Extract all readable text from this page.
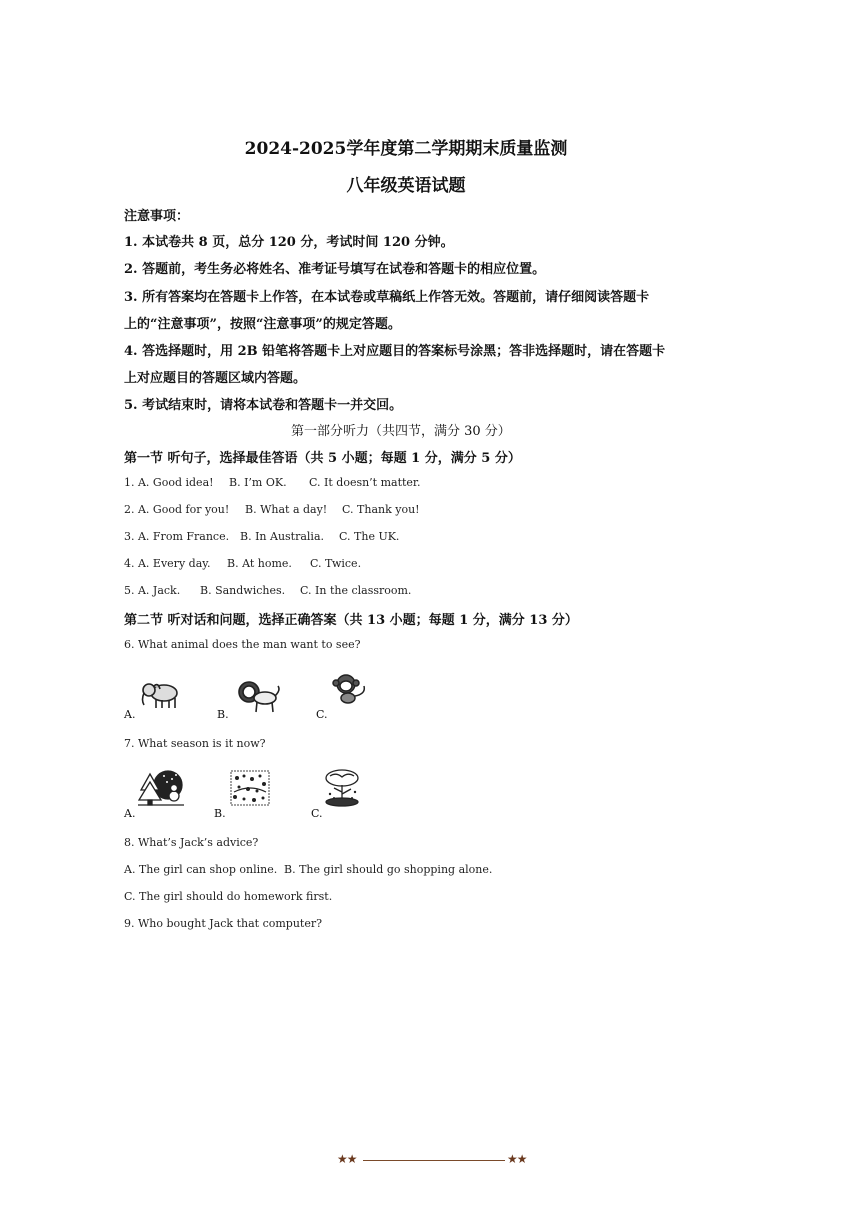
2024-2025学年度第二学期期末质量监测
八年级英语试题
注意事项：
1. 本试卷共 8 页，总分 120 分，考试时间 120 分钟。
2. 答题前，考生务必将姓名、准考证号填写在试卷和答题卡的相应位置。
3. 所有答案均在答题卡上作答，在本试卷或草稿纸上作答无效。答题前，请仔细阅读答题卡
上的“注意事项”，按照“注意事项”的规定答题。
4. 答选择题时，用 2B 铅笔将答题卡上对应题目的答案标号涂黑；答非选择题时，请在答题卡
上对应题目的答题区域内答题。
5. 考试结束时，请将本试卷和答题卡一并交回。
第一部分听力（共四节，满分 30 分）
第一节 听句子，选择最佳答语（共 5 小题；每题 1 分，满分 5 分）
1. A. Good idea! B. I’m OK. C. It doesn’t matter.
2. A. Good for you! B. What a day! C. Thank you!
3. A. From France. B. In Australia. C. The UK.
4. A. Every day. B. At home. C. Twice.
5. A. Jack. B. Sandwiches. C. In the classroom.
第二节 听对话和问题，选择正确答案（共 13 小题；每题 1 分，满分 13 分）
6. What animal does the man want to see?
A.	B.	C.
7. What season is it now?
A.	B.	C.
8. What’s Jack’s advice?
A. The girl can shop online. B. The girl should go shopping alone.
C. The girl should do homework first.
9. Who bought Jack that computer?
★★	★★
